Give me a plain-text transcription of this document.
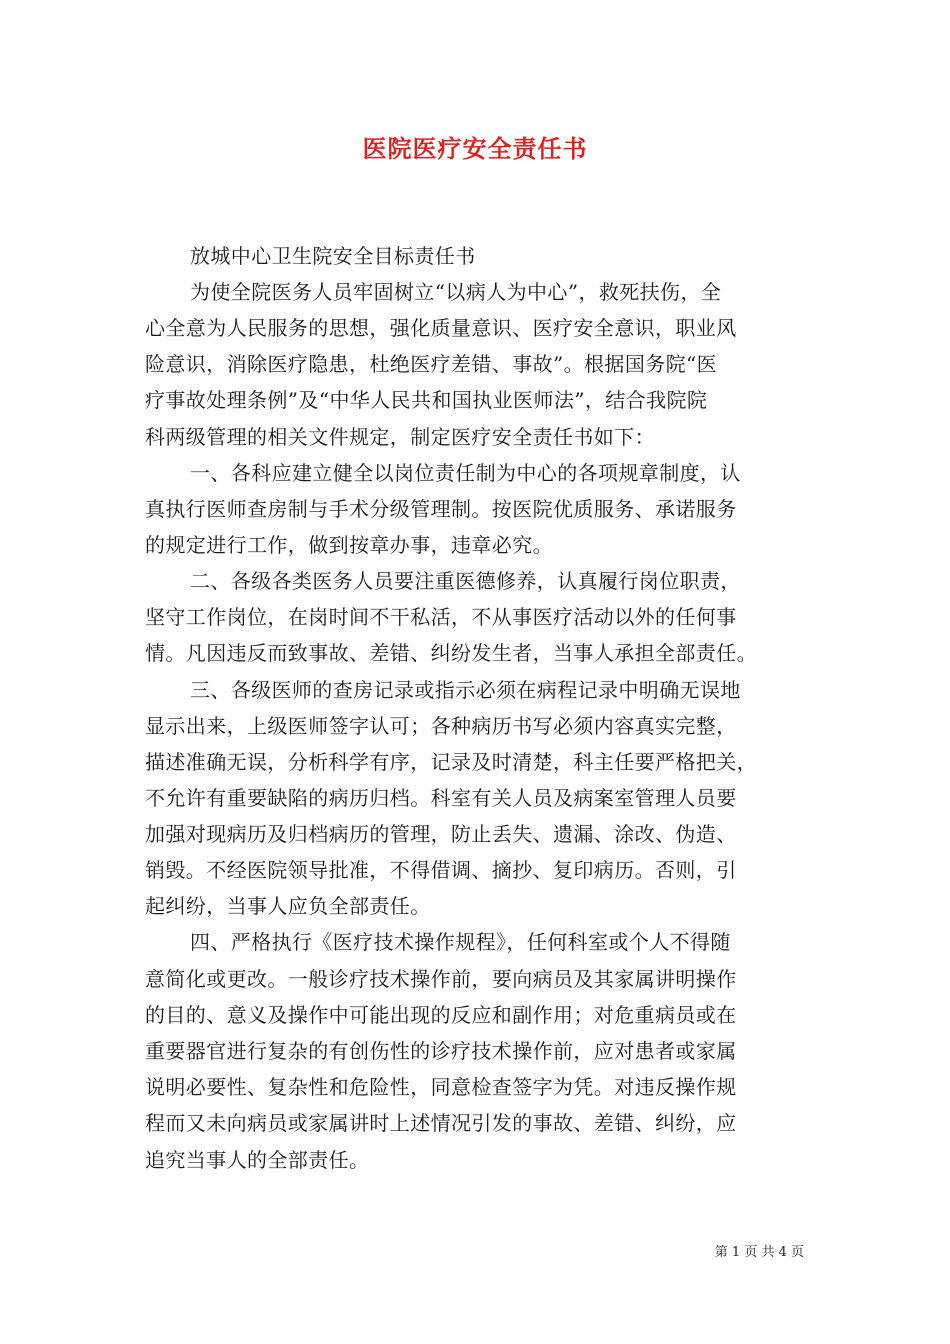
医院医疗安全责任书
放城中心卫生院安全目标责任书
为使全院医务人员牢固树立“以病人为中心”，救死扶伤，全
心全意为人民服务的思想，强化质量意识、医疗安全意识，职业风
险意识，消除医疗隐患，杜绝医疗差错、事故”。根据国务院“医
疗事故处理条例”及“中华人民共和国执业医师法”，结合我院院
科两级管理的相关文件规定，制定医疗安全责任书如下：
一、各科应建立健全以岗位责任制为中心的各项规章制度，认
真执行医师查房制与手术分级管理制。按医院优质服务、承诺服务
的规定进行工作，做到按章办事，违章必究。
二、各级各类医务人员要注重医德修养，认真履行岗位职责，
坚守工作岗位，在岗时间不干私活，不从事医疗活动以外的任何事
情。凡因违反而致事故、差错、纠纷发生者，当事人承担全部责任。
三、各级医师的查房记录或指示必须在病程记录中明确无误地
显示出来，上级医师签字认可；各种病历书写必须内容真实完整，
描述准确无误，分析科学有序，记录及时清楚，科主任要严格把关，
不允许有重要缺陷的病历归档。科室有关人员及病案室管理人员要
加强对现病历及归档病历的管理，防止丢失、遗漏、涂改、伪造、
销毁。不经医院领导批准，不得借调、摘抄、复印病历。否则，引
起纠纷，当事人应负全部责任。
四、严格执行《医疗技术操作规程》，任何科室或个人不得随
意简化或更改。一般诊疗技术操作前，要向病员及其家属讲明操作
的目的、意义及操作中可能出现的反应和副作用；对危重病员或在
重要器官进行复杂的有创伤性的诊疗技术操作前，应对患者或家属
说明必要性、复杂性和危险性，同意检查签字为凭。对违反操作规
程而又未向病员或家属讲时上述情况引发的事故、差错、纠纷，应
追究当事人的全部责任。
第 1 页 共 4 页
